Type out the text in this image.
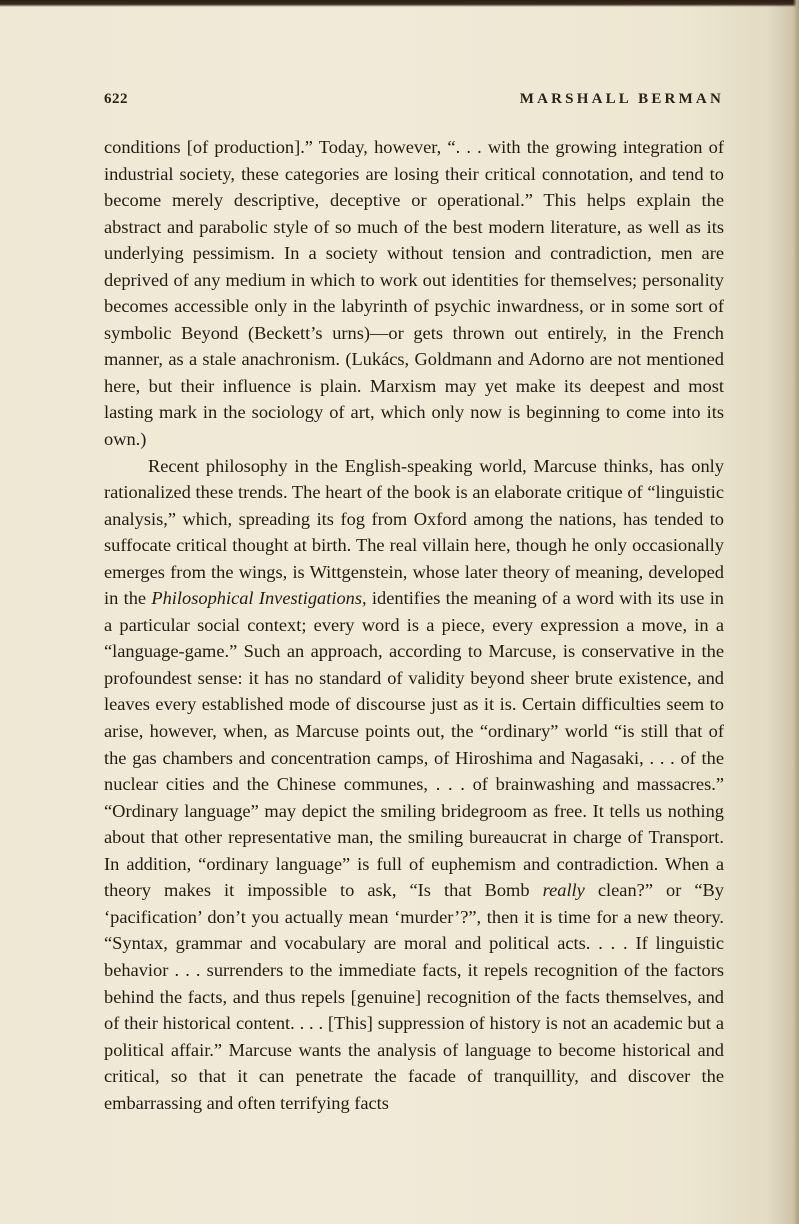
622	MARSHALL BERMAN

conditions [of production].” Today, however, “. . . with the growing integration of industrial society, these categories are losing their critical connotation, and tend to become merely descriptive, deceptive or operational.” This helps explain the abstract and parabolic style of so much of the best modern literature, as well as its underlying pessimism. In a society without tension and contradiction, men are deprived of any medium in which to work out identities for themselves; personality becomes accessible only in the labyrinth of psychic inwardness, or in some sort of symbolic Beyond (Beckett’s urns)—or gets thrown out entirely, in the French manner, as a stale anachronism. (Lukács, Goldmann and Adorno are not mentioned here, but their influence is plain. Marxism may yet make its deepest and most lasting mark in the sociology of art, which only now is beginning to come into its own.)

Recent philosophy in the English-speaking world, Marcuse thinks, has only rationalized these trends. The heart of the book is an elaborate critique of “linguistic analysis,” which, spreading its fog from Oxford among the nations, has tended to suffocate critical thought at birth. The real villain here, though he only occasionally emerges from the wings, is Wittgenstein, whose later theory of meaning, developed in the Philosophical Investigations, identifies the meaning of a word with its use in a particular social context; every word is a piece, every expression a move, in a “language-game.” Such an approach, according to Marcuse, is conservative in the profoundest sense: it has no standard of validity beyond sheer brute existence, and leaves every established mode of discourse just as it is. Certain difficulties seem to arise, however, when, as Marcuse points out, the “ordinary” world “is still that of the gas chambers and concentration camps, of Hiroshima and Nagasaki, . . . of the nuclear cities and the Chinese communes, . . . of brainwashing and massacres.” “Ordinary language” may depict the smiling bridegroom as free. It tells us nothing about that other representative man, the smiling bureaucrat in charge of Transport. In addition, “ordinary language” is full of euphemism and contradiction. When a theory makes it impossible to ask, “Is that Bomb really clean?” or “By ‘pacification’ don’t you actually mean ‘murder’?”, then it is time for a new theory. “Syntax, grammar and vocabulary are moral and political acts. . . . If linguistic behavior . . . surrenders to the immediate facts, it repels recognition of the factors behind the facts, and thus repels [genuine] recognition of the facts themselves, and of their historical content. . . . [This] suppression of history is not an academic but a political affair.” Marcuse wants the analysis of language to become historical and critical, so that it can penetrate the facade of tranquillity, and discover the embarrassing and often terrifying facts
